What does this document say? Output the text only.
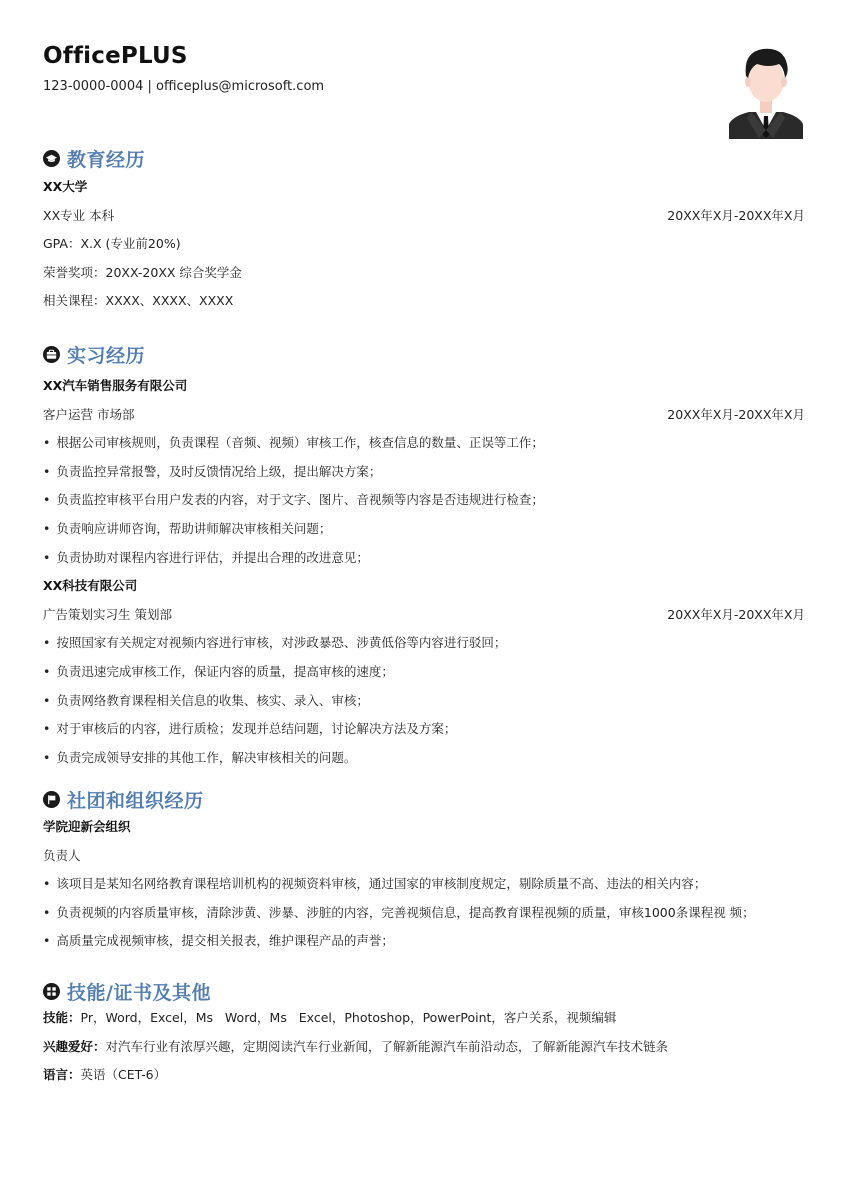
OfficePLUS
123-0000-0004 | officeplus@microsoft.com
教育经历
XX大学
XX专业 本科	20XX年X月-20XX年X月
GPA：X.X (专业前20%)
荣誉奖项：20XX-20XX 综合奖学金
相关课程：XXXX、XXXX、XXXX
实习经历
XX汽车销售服务有限公司
客户运营 市场部	20XX年X月-20XX年X月
• 根据公司审核规则，负责课程（音频、视频）审核工作，核查信息的数量、正误等工作；
• 负责监控异常报警，及时反馈情况给上级，提出解决方案；
• 负责监控审核平台用户发表的内容，对于文字、图片、音视频等内容是否违规进行检查；
• 负责响应讲师咨询，帮助讲师解决审核相关问题；
• 负责协助对课程内容进行评估，并提出合理的改进意见；
XX科技有限公司
广告策划实习生 策划部	20XX年X月-20XX年X月
• 按照国家有关规定对视频内容进行审核，对涉政暴恐、涉黄低俗等内容进行驳回；
• 负责迅速完成审核工作，保证内容的质量，提高审核的速度；
• 负责网络教育课程相关信息的收集、核实、录入、审核；
• 对于审核后的内容，进行质检；发现并总结问题，讨论解决方法及方案；
• 负责完成领导安排的其他工作，解决审核相关的问题。
社团和组织经历
学院迎新会组织
负责人
• 该项目是某知名网络教育课程培训机构的视频资料审核，通过国家的审核制度规定，剔除质量不高、违法的相关内容；
• 负责视频的内容质量审核，清除涉黄、涉暴、涉脏的内容，完善视频信息，提高教育课程视频的质量，审核1000条课程视 频；
• 高质量完成视频审核，提交相关报表，维护课程产品的声誉；
技能/证书及其他
技能：Pr，Word，Excel，Ms   Word，Ms   Excel，Photoshop，PowerPoint，客户关系，视频编辑
兴趣爱好：对汽车行业有浓厚兴趣，定期阅读汽车行业新闻，了解新能源汽车前沿动态，了解新能源汽车技术链条
语言：英语（CET-6）
